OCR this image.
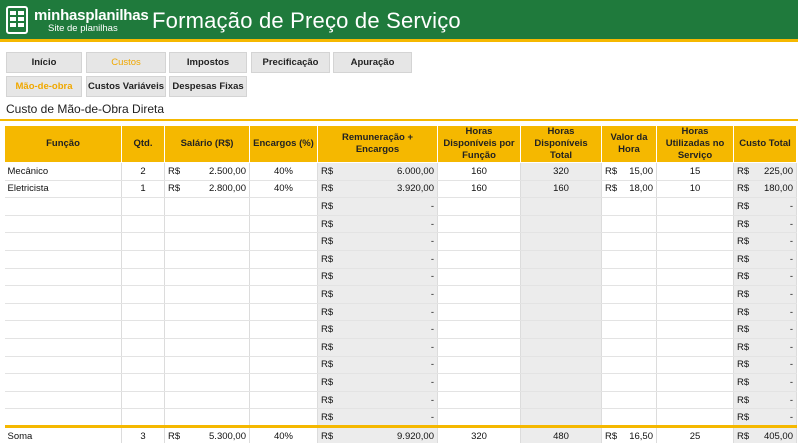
minhasplanilhas
Site de planilhas Formação de Preço de Serviço
Início	Custos	Impostos	Precificação	Apuração
Mão-de-obra	Custos Variáveis Despesas Fixas
Custo de Mão-de-Obra Direta
Função	Qtd.	Salário (R$)	Encargos (%)	Remuneração + Encargos	Horas Disponíveis por Função	Horas Disponíveis Total	Valor da Hora	Horas Utilizadas no Serviço	Custo Total
Mecânico	2	R$ 2.500,00	40%	R$ 6.000,00	160	320	R$ 15,00	15	R$ 225,00

Eletricista	1	R$ 2.800,00	40%	R$ 3.920,00	160	160	R$ 18,00	10	R$ 180,00

				R$ -					R$ -

				R$ -					R$ -

				R$ -					R$ -

				R$ -					R$ -

				R$ -					R$ -

				R$ -					R$ -

				R$ -					R$ -

				R$ -					R$ -

				R$ -					R$ -

				R$ -					R$ -

				R$ -					R$ -

				R$ -					R$ -

				R$ -					R$ -

Soma	3	R$ 5.300,00	40%	R$ 9.920,00	320	480	R$ 16,50	25	R$ 405,00
